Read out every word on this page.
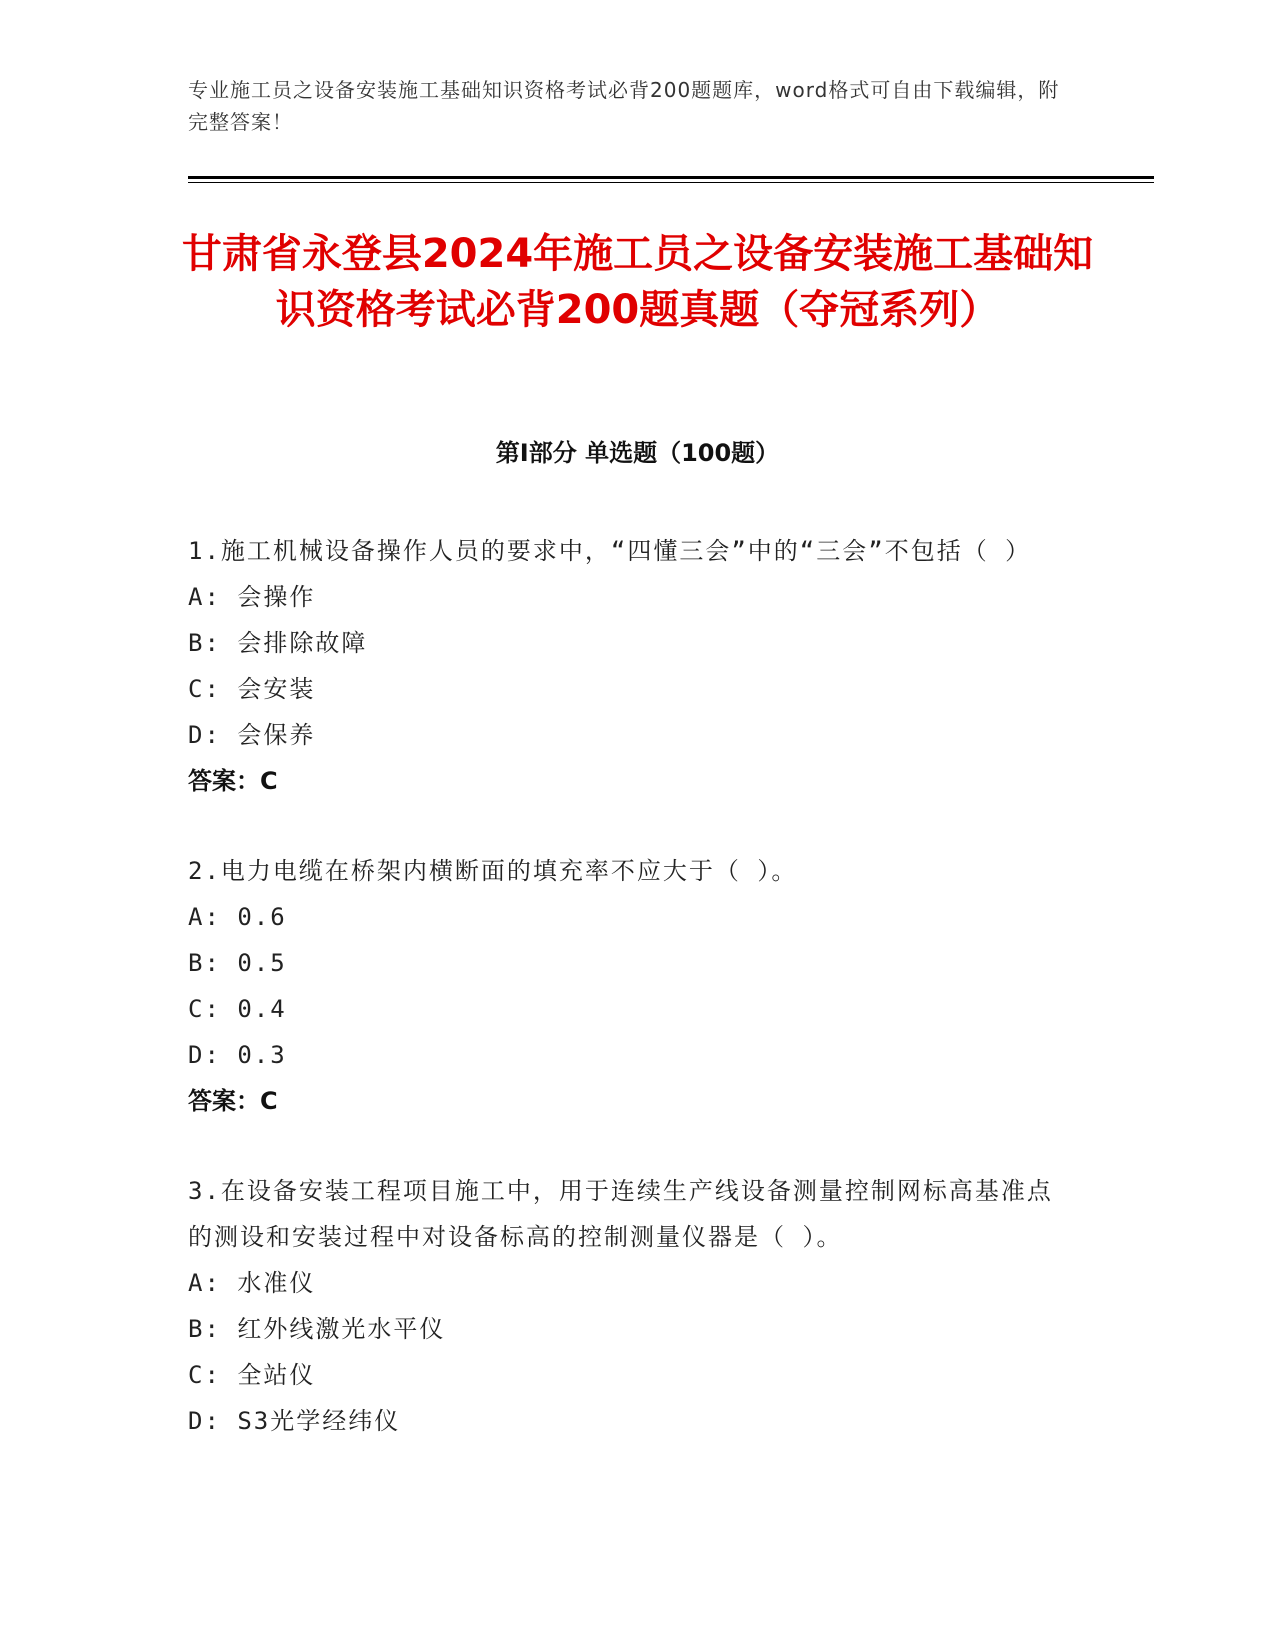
专业施工员之设备安装施工基础知识资格考试必背200题题库，word格式可自由下载编辑，附完整答案！
甘肃省永登县2024年施工员之设备安装施工基础知识资格考试必背200题真题（夺冠系列）
第I部分 单选题（100题）
1.施工机械设备操作人员的要求中，“四懂三会”中的“三会”不包括（ ）
A: 会操作
B: 会排除故障
C: 会安装
D: 会保养
答案：C
2.电力电缆在桥架内横断面的填充率不应大于（ ）。
A: 0.6
B: 0.5
C: 0.4
D: 0.3
答案：C
3.在设备安装工程项目施工中，用于连续生产线设备测量控制网标高基准点的测设和安装过程中对设备标高的控制测量仪器是（ ）。
A: 水准仪
B: 红外线激光水平仪
C: 全站仪
D: S3光学经纬仪
